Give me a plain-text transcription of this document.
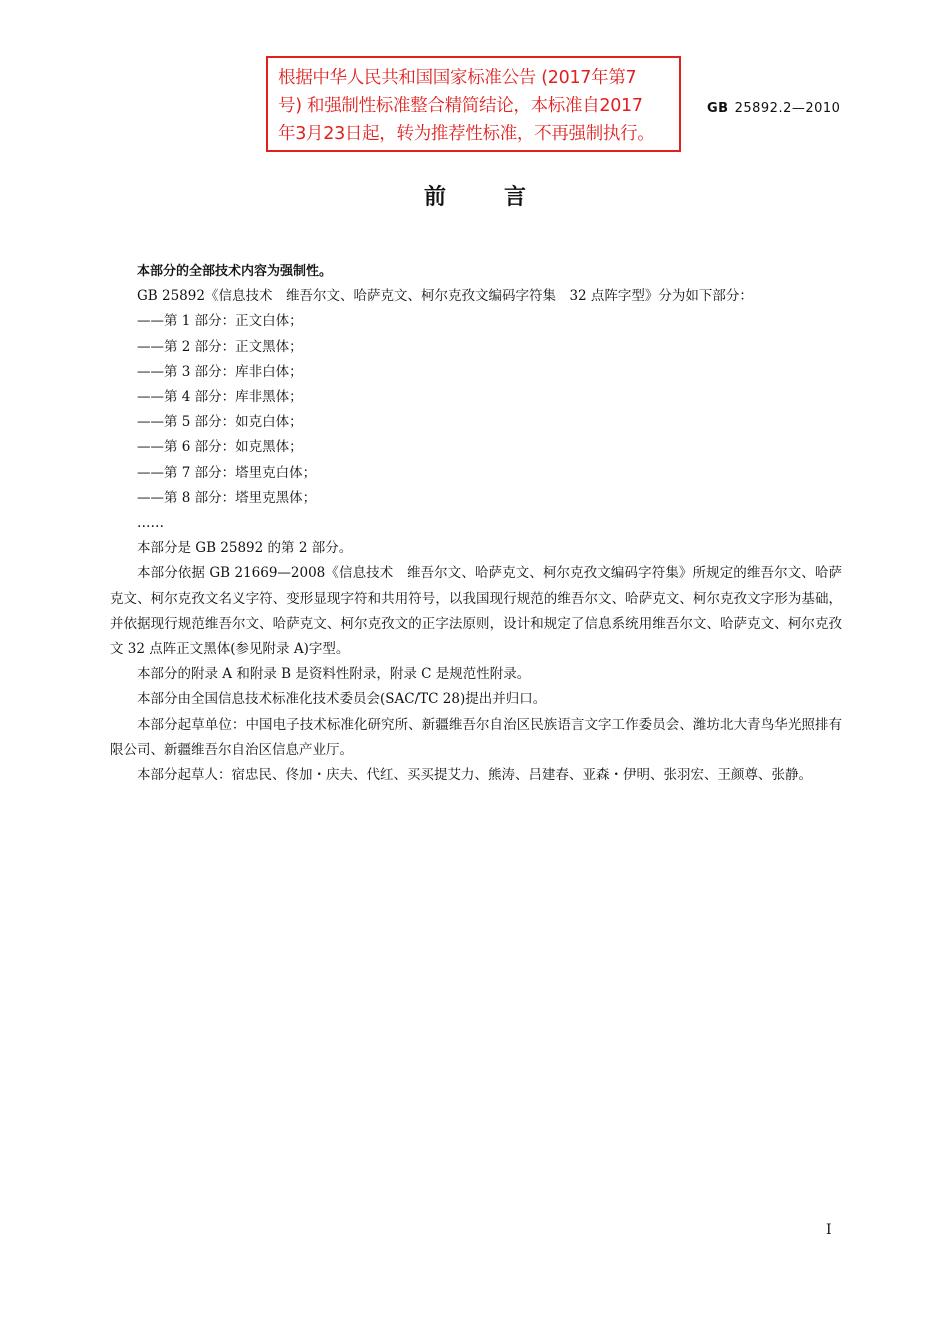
根据中华人民共和国国家标准公告 (2017年第7
号) 和强制性标准整合精简结论，本标准自2017
年3月23日起，转为推荐性标准，不再强制执行。
GB 25892.2—2010
前言

本部分的全部技术内容为强制性。

GB 25892《信息技术　维吾尔文、哈萨克文、柯尔克孜文编码字符集　32 点阵字型》分为如下部分：

——第 1 部分：正文白体；

——第 2 部分：正文黑体；

——第 3 部分：库非白体；

——第 4 部分：库非黑体；

——第 5 部分：如克白体；

——第 6 部分：如克黑体；

——第 7 部分：塔里克白体；

——第 8 部分：塔里克黑体；

……

本部分是 GB 25892 的第 2 部分。

本部分依据 GB 21669—2008《信息技术　维吾尔文、哈萨克文、柯尔克孜文编码字符集》所规定的维吾尔文、哈萨克文、柯尔克孜文名义字符、变形显现字符和共用符号，以我国现行规范的维吾尔文、哈萨克文、柯尔克孜文字形为基础，并依据现行规范维吾尔文、哈萨克文、柯尔克孜文的正字法原则，设计和规定了信息系统用维吾尔文、哈萨克文、柯尔克孜文 32 点阵正文黑体(参见附录 A)字型。

本部分的附录 A 和附录 B 是资料性附录，附录 C 是规范性附录。

本部分由全国信息技术标准化技术委员会(SAC/TC 28)提出并归口。

本部分起草单位：中国电子技术标准化研究所、新疆维吾尔自治区民族语言文字工作委员会、潍坊北大青鸟华光照排有限公司、新疆维吾尔自治区信息产业厅。

本部分起草人：宿忠民、佟加・庆夫、代红、买买提艾力、熊涛、吕建春、亚森・伊明、张羽宏、王颜尊、张静。

I
